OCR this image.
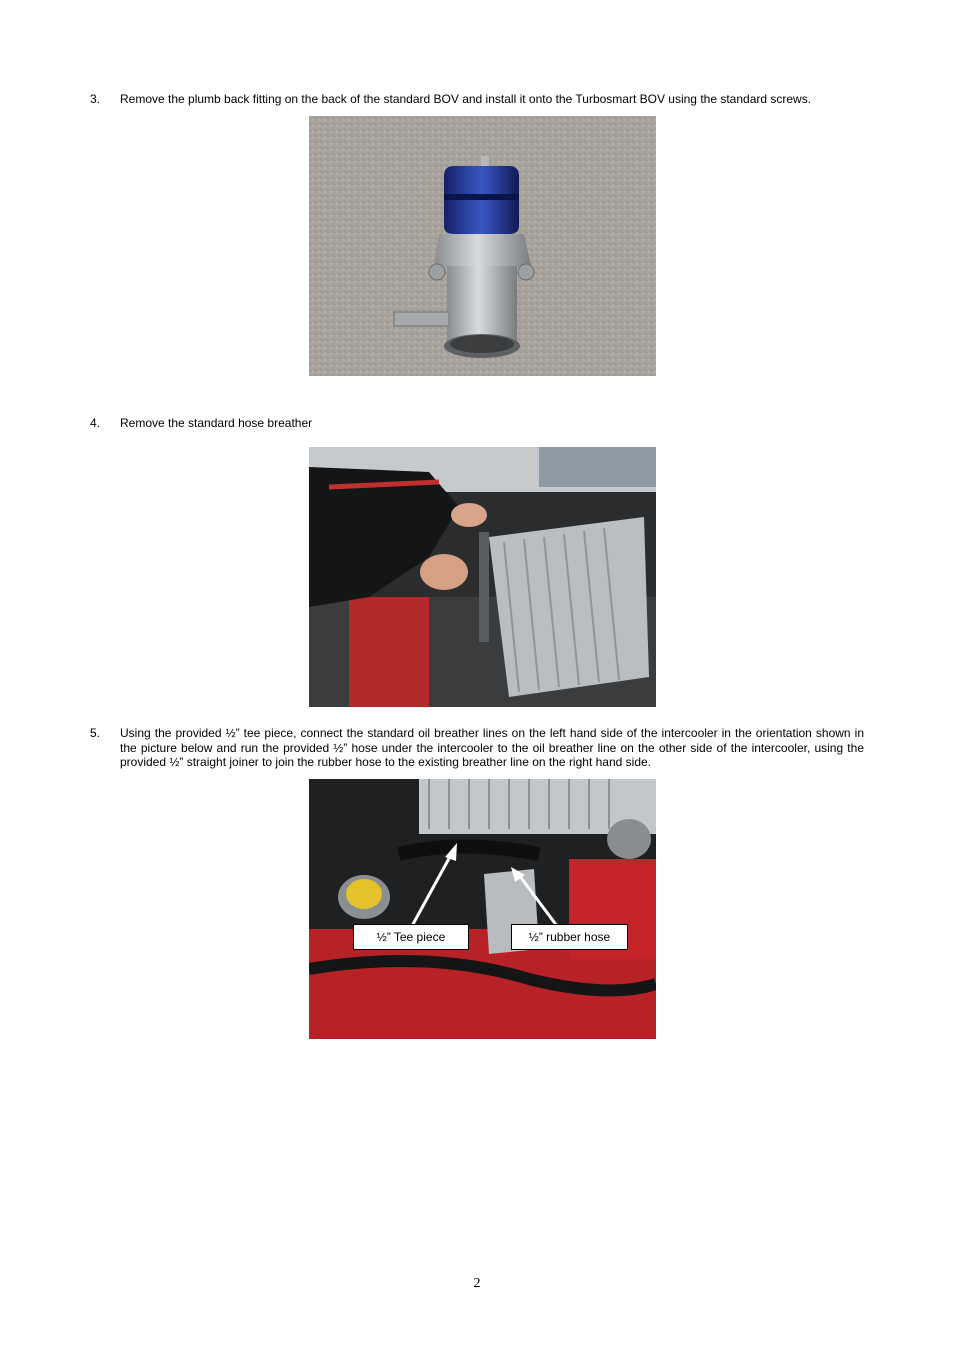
3. Remove the plumb back fitting on the back of the standard BOV and install it onto the Turbosmart BOV using the standard screws.
4. Remove the standard hose breather
5. Using the provided ½” tee piece, connect the standard oil breather lines on the left hand side of the intercooler in the orientation shown in the picture below and run the provided ½” hose under the intercooler to the oil breather line on the other side of the intercooler, using the provided ½” straight joiner to join the rubber hose to the existing breather line on the right hand side.
½” Tee piece	½” rubber hose
2
